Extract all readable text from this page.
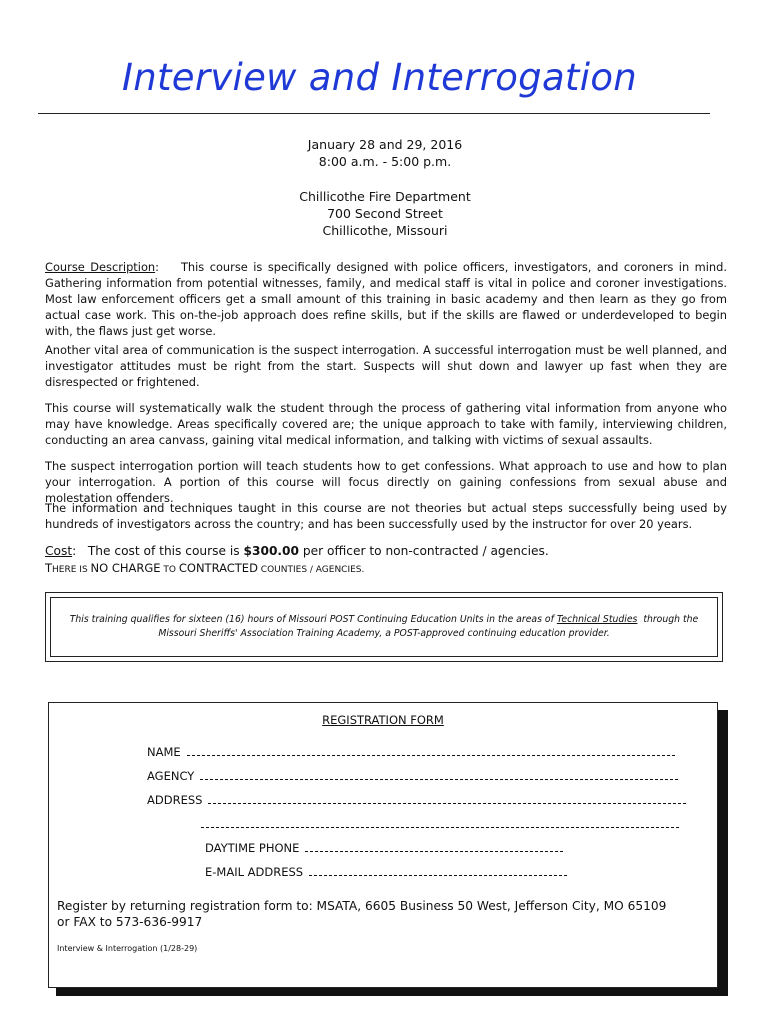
Interview and Interrogation
January 28 and 29, 2016
8:00 a.m. - 5:00 p.m.
Chillicothe Fire Department
700 Second Street
Chillicothe, Missouri

Course Description: This course is specifically designed with police officers, investigators, and coroners in mind. Gathering information from potential witnesses, family, and medical staff is vital in police and coroner investigations. Most law enforcement officers get a small amount of this training in basic academy and then learn as they go from actual case work. This on-the-job approach does refine skills, but if the skills are flawed or underdeveloped to begin with, the flaws just get worse.

Another vital area of communication is the suspect interrogation. A successful interrogation must be well planned, and investigator attitudes must be right from the start. Suspects will shut down and lawyer up fast when they are disrespected or frightened.
This course will systematically walk the student through the process of gathering vital information from anyone who may have knowledge. Areas specifically covered are; the unique approach to take with family, interviewing children, conducting an area canvass, gaining vital medical information, and talking with victims of sexual assaults.
The suspect interrogation portion will teach students how to get confessions. What approach to use and how to plan your interrogation. A portion of this course will focus directly on gaining confessions from sexual abuse and molestation offenders.
The information and techniques taught in this course are not theories but actual steps successfully being used by hundreds of investigators across the country; and has been successfully used by the instructor for over 20 years.
Cost:   The cost of this course is $300.00 per officer to non-contracted / agencies.
THERE IS NO CHARGE TO CONTRACTED COUNTIES / AGENCIES.
This training qualifies for sixteen (16) hours of Missouri POST Continuing Education Units in the areas of Technical Studies  through the Missouri Sheriffs' Association Training Academy, a POST-approved continuing education provider.
REGISTRATION FORM
NAME
AGENCY
ADDRESS
DAYTIME PHONE
E-MAIL ADDRESS
Register by returning registration form to: MSATA, 6605 Business 50 West, Jefferson City, MO 65109
or FAX to 573-636-9917
Interview & Interrogation (1/28-29)
